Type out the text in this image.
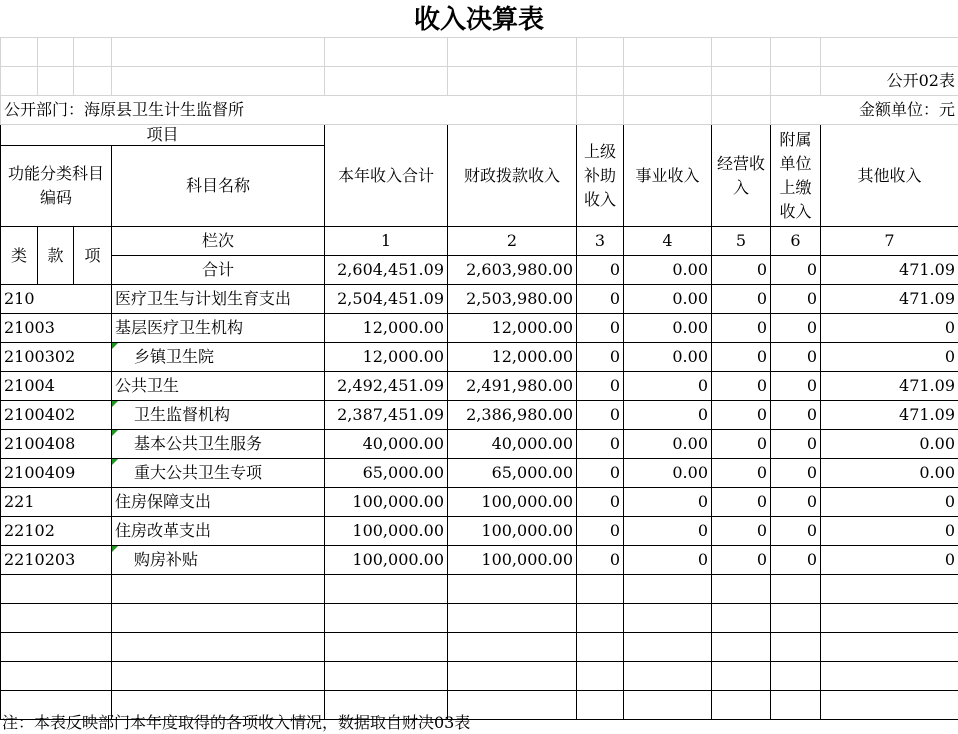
收入决算表

										公开02表
公开部门：海原县卫生计生监督所									金额单位：元	
项目				本年收入合计	财政拨款收入	上级补助收入	事业收入	经营收入	附属单位上缴收入	其他收入
功能分类科目编码			科目名称							
类	款	项	栏次	1	2	3	4	5	6	7
			合计	2,604,451.09	2,603,980.00	0	0.00	0	0	471.09
210			医疗卫生与计划生育支出	2,504,451.09	2,503,980.00	0	0.00	0	0	471.09
21003			基层医疗卫生机构	12,000.00	12,000.00	0	0.00	0	0	0
2100302			乡镇卫生院	12,000.00	12,000.00	0	0.00	0	0	0
21004			公共卫生	2,492,451.09	2,491,980.00	0	0	0	0	471.09
2100402			卫生监督机构	2,387,451.09	2,386,980.00	0	0	0	0	471.09
2100408			基本公共卫生服务	40,000.00	40,000.00	0	0.00	0	0	0.00
2100409			重大公共卫生专项	65,000.00	65,000.00	0	0.00	0	0	0.00
221			住房保障支出	100,000.00	100,000.00	0	0	0	0	0
22102			住房改革支出	100,000.00	100,000.00	0	0	0	0	0
2210203			购房补贴	100,000.00	100,000.00	0	0	0	0	0

注：本表反映部门本年度取得的各项收入情况，数据取自财决03表
